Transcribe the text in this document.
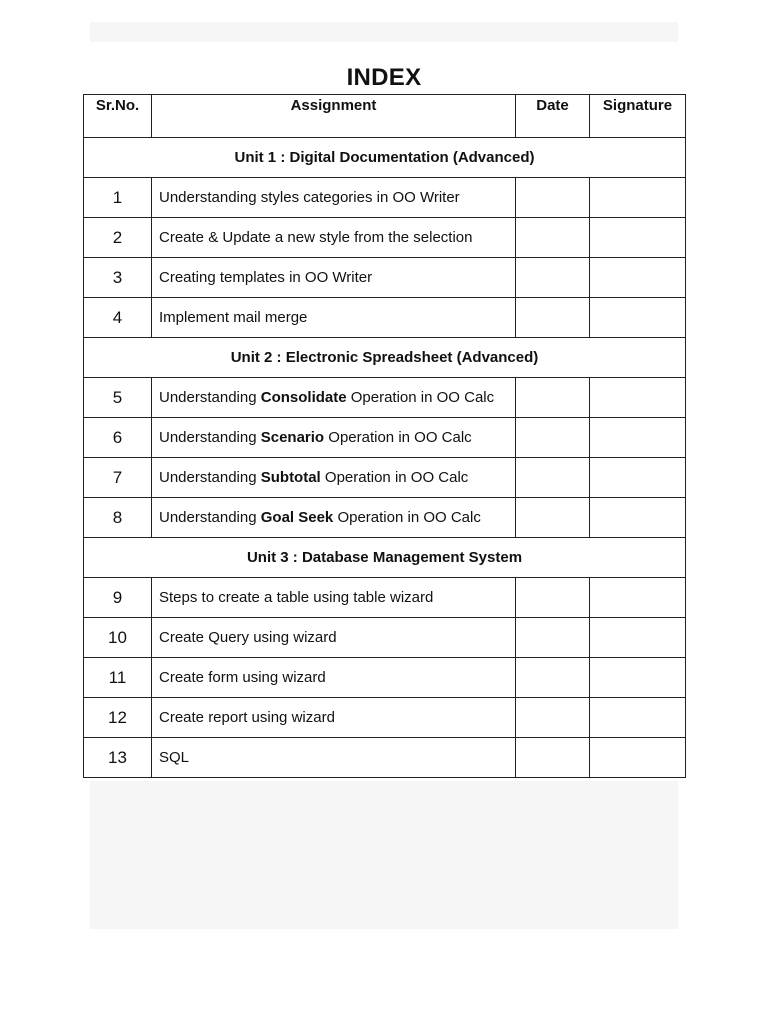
INDEX
Sr.No.	Assignment	Date	Signature
Unit 1 : Digital Documentation (Advanced)			
1	Understanding styles categories in OO Writer		
2	Create & Update a new style from the selection		
3	Creating templates in OO Writer		
4	Implement mail merge		
Unit 2 : Electronic Spreadsheet (Advanced)			
5	Understanding Consolidate Operation in OO Calc		
6	Understanding Scenario Operation in OO Calc		
7	Understanding Subtotal Operation in OO Calc		
8	Understanding Goal Seek Operation in OO Calc		
Unit 3 : Database Management System			
9	Steps to create a table using table wizard		
10	Create Query using wizard		
11	Create form using wizard		
12	Create report using wizard		
13	SQL		
